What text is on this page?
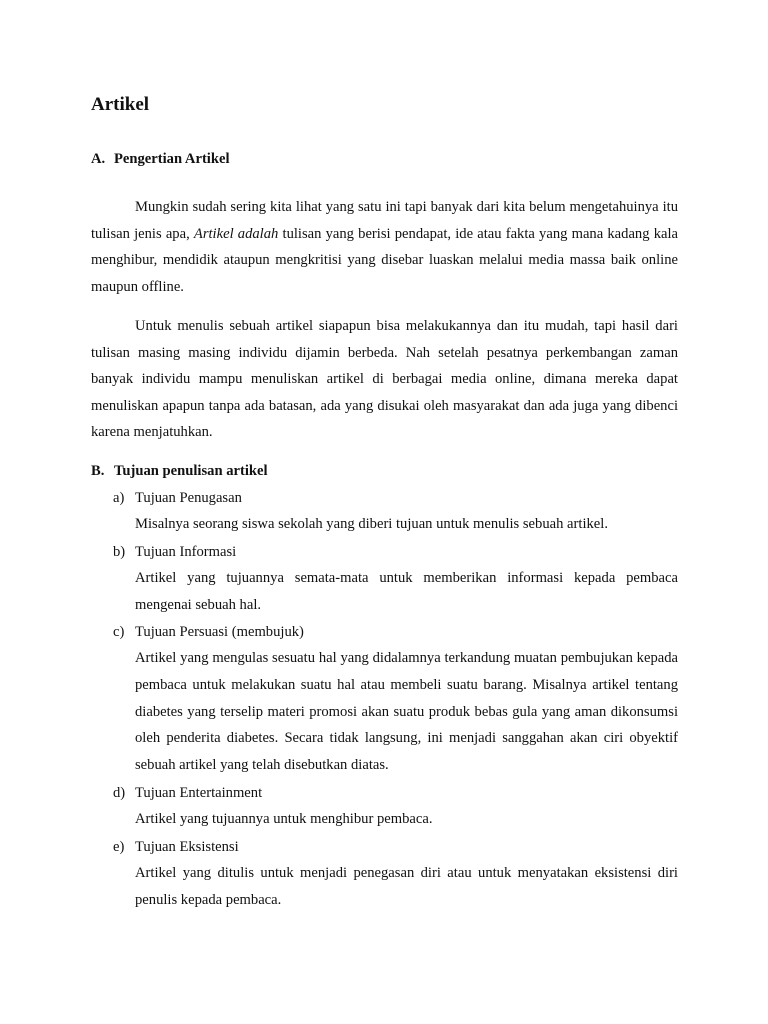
Artikel
A. Pengertian Artikel

Mungkin sudah sering kita lihat yang satu ini tapi banyak dari kita belum mengetahuinya itu tulisan jenis apa, Artikel adalah tulisan yang berisi pendapat, ide atau fakta yang mana kadang kala menghibur, mendidik ataupun mengkritisi yang disebar luaskan melalui media massa baik online maupun offline.

Untuk menulis sebuah artikel siapapun bisa melakukannya dan itu mudah, tapi hasil dari tulisan masing masing individu dijamin berbeda. Nah setelah pesatnya perkembangan zaman banyak individu mampu menuliskan artikel di berbagai media online, dimana mereka dapat menuliskan apapun tanpa ada batasan, ada yang disukai oleh masyarakat dan ada juga yang dibenci karena menjatuhkan.

B. Tujuan penulisan artikel
a) Tujuan Penugasan

Misalnya seorang siswa sekolah yang diberi tujuan untuk menulis sebuah artikel.

b) Tujuan Informasi

Artikel yang tujuannya semata-mata untuk memberikan informasi kepada pembaca mengenai sebuah hal.

c) Tujuan Persuasi (membujuk)

Artikel yang mengulas sesuatu hal yang didalamnya terkandung muatan pembujukan kepada pembaca untuk melakukan suatu hal atau membeli suatu barang. Misalnya artikel tentang diabetes yang terselip materi promosi akan suatu produk bebas gula yang aman dikonsumsi oleh penderita diabetes. Secara tidak langsung, ini menjadi sanggahan akan ciri obyektif sebuah artikel yang telah disebutkan diatas.

d) Tujuan Entertainment

Artikel yang tujuannya untuk menghibur pembaca.

e) Tujuan Eksistensi

Artikel yang ditulis untuk menjadi penegasan diri atau untuk menyatakan eksistensi diri penulis kepada pembaca.
